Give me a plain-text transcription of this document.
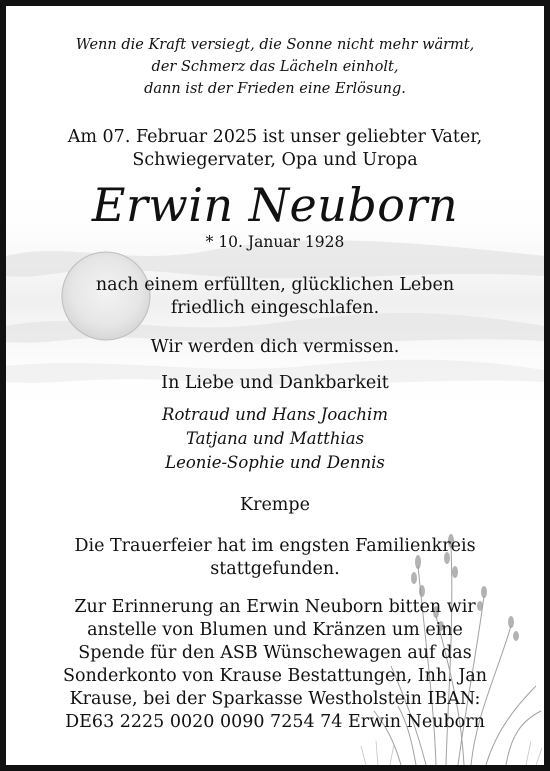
Wenn die Kraft versiegt, die Sonne nicht mehr wärmt,
der Schmerz das Lächeln einholt,
dann ist der Frieden eine Erlösung.
Am 07. Februar 2025 ist unser geliebter Vater,
Schwiegervater, Opa und Uropa
Erwin Neuborn
* 10. Januar 1928
nach einem erfüllten, glücklichen Leben
friedlich eingeschlafen.
Wir werden dich vermissen.
In Liebe und Dankbarkeit
Rotraud und Hans Joachim
Tatjana und Matthias
Leonie-Sophie und Dennis
Krempe
Die Trauerfeier hat im engsten Familienkreis
stattgefunden.
Zur Erinnerung an Erwin Neuborn bitten wir
anstelle von Blumen und Kränzen um eine
Spende für den ASB Wünschewagen auf das
Sonderkonto von Krause Bestattungen, Inh. Jan
Krause, bei der Sparkasse Westholstein IBAN:
DE63 2225 0020 0090 7254 74 Erwin Neuborn
